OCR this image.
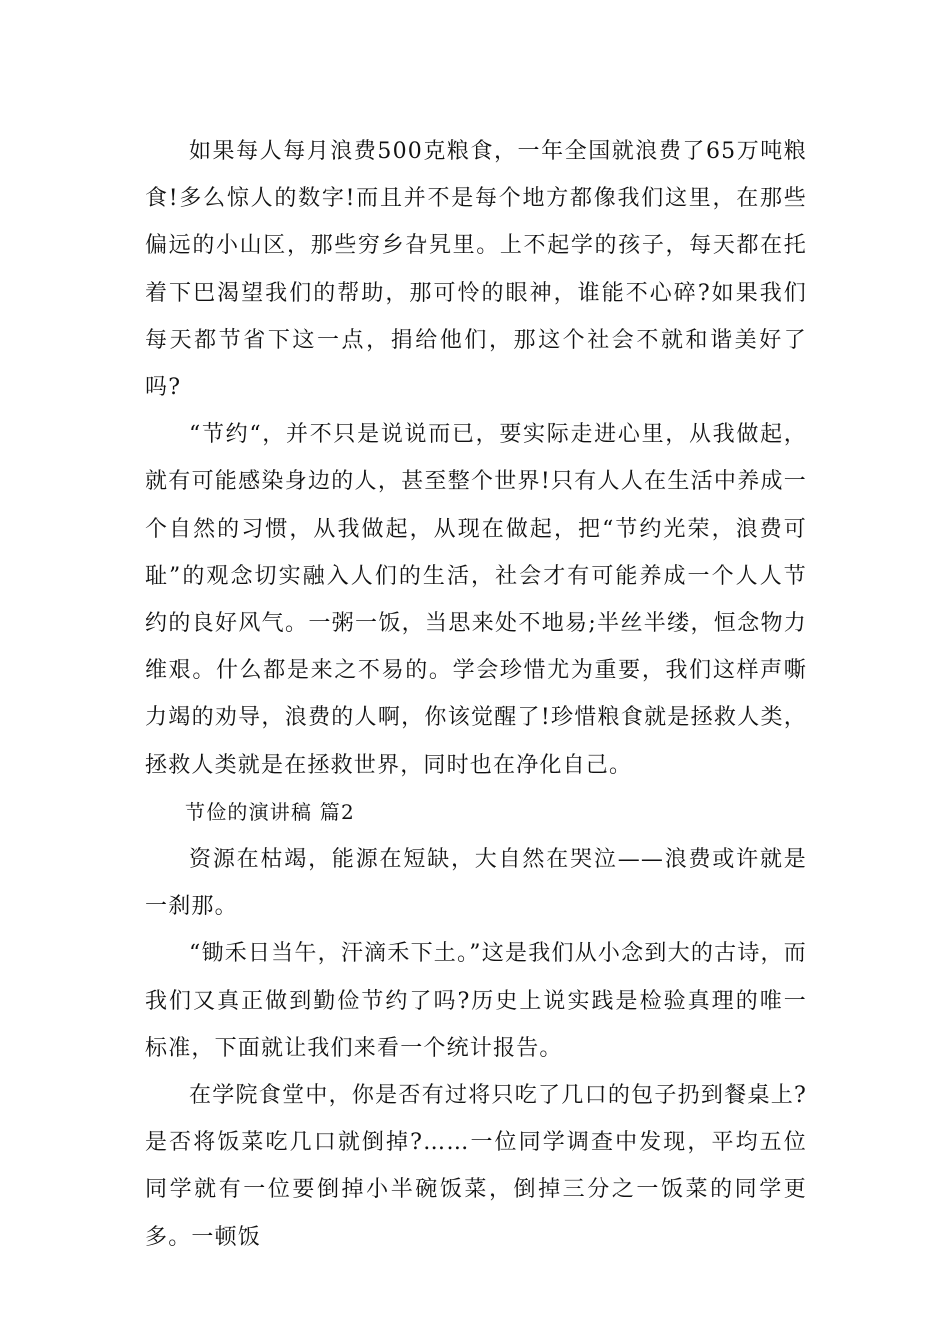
如果每人每月浪费500克粮食，一年全国就浪费了65万吨粮食!多么惊人的数字!而且并不是每个地方都像我们这里，在那些偏远的小山区，那些穷乡旮旯里。上不起学的孩子，每天都在托着下巴渴望我们的帮助，那可怜的眼神，谁能不心碎?如果我们每天都节省下这一点，捐给他们，那这个社会不就和谐美好了吗?

“节约“，并不只是说说而已，要实际走进心里，从我做起，就有可能感染身边的人，甚至整个世界!只有人人在生活中养成一个自然的习惯，从我做起，从现在做起，把“节约光荣，浪费可耻”的观念切实融入人们的生活，社会才有可能养成一个人人节约的良好风气。一粥一饭，当思来处不地易;半丝半缕，恒念物力维艰。什么都是来之不易的。学会珍惜尤为重要，我们这样声嘶力竭的劝导，浪费的人啊，你该觉醒了!珍惜粮食就是拯救人类，拯救人类就是在拯救世界，同时也在净化自己。

节俭的演讲稿 篇2

资源在枯竭，能源在短缺，大自然在哭泣——浪费或许就是一刹那。

“锄禾日当午，汗滴禾下土。”这是我们从小念到大的古诗，而我们又真正做到勤俭节约了吗?历史上说实践是检验真理的唯一标准，下面就让我们来看一个统计报告。

在学院食堂中，你是否有过将只吃了几口的包子扔到餐桌上?是否将饭菜吃几口就倒掉?……一位同学调查中发现，平均五位同学就有一位要倒掉小半碗饭菜，倒掉三分之一饭菜的同学更多。一顿饭
